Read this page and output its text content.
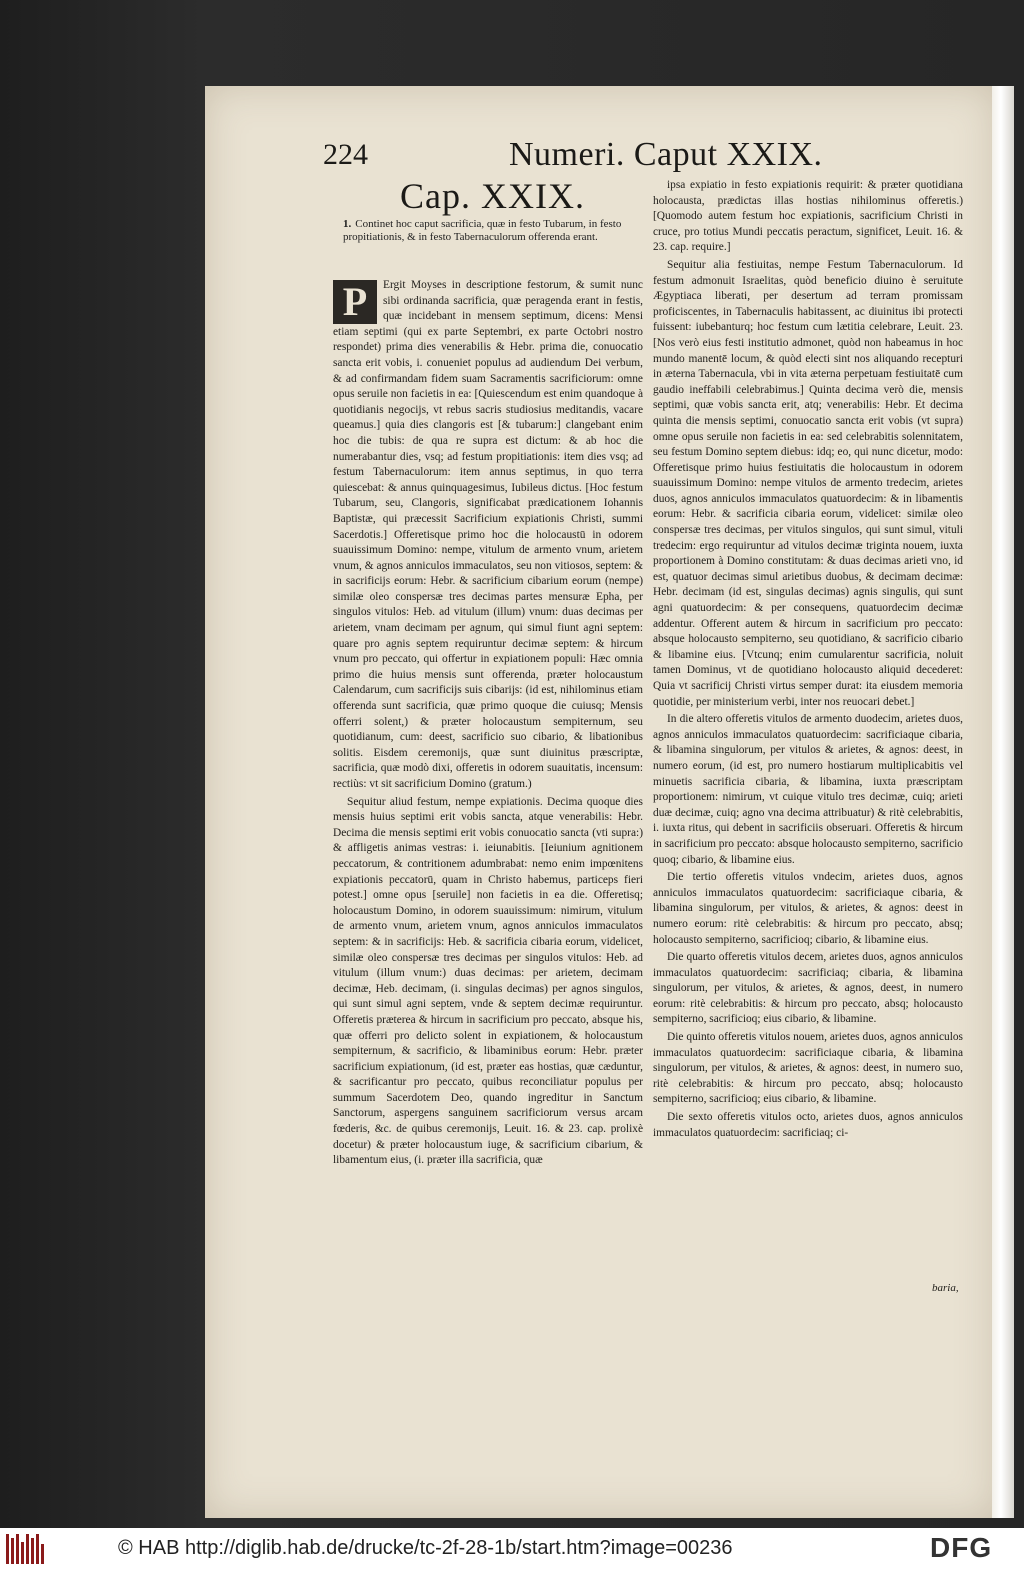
224	Numeri. Caput XXIX.
Cap. XXIX.
1. Continet hoc caput sacrificia, quæ in festo Tubarum, in festo propitiationis, & in festo Tabernaculorum offerenda erant.

P	Ergit Moyses in descriptione festorum, & sumit nunc sibi ordinanda sacrificia, quæ peragenda erant in festis, quæ incidebant in mensem septimum, dicens: Mensi etiam septimi (qui ex parte Septembri, ex parte Octobri nostro respondet) prima dies venerabilis & Hebr. prima die, conuocatio sancta erit vobis, i. conueniet populus ad audiendum Dei verbum, & ad confirmandam fidem suam Sacramentis sacrificiorum: omne opus seruile non facietis in ea: [Quiescendum est enim quandoque à quotidianis negocijs, vt rebus sacris studiosius meditandis, vacare queamus.] quia dies clangoris est [& tubarum:] clangebant enim hoc die tubis: de qua re supra est dictum: & ab hoc die numerabantur dies, vsq; ad festum propitiationis: item dies vsq; ad festum Tabernaculorum: item annus septimus, in quo terra quiescebat: & annus quinquagesimus, Iubileus dictus. [Hoc festum Tubarum, seu, Clangoris, significabat prædicationem Iohannis Baptistæ, qui præcessit Sacrificium expiationis Christi, summi Sacerdotis.] Offeretisque primo hoc die holocaustū in odorem suauissimum Domino: nempe, vitulum de armento vnum, arietem vnum, & agnos anniculos immaculatos, seu non vitiosos, septem: & in sacrificijs eorum: Hebr. & sacrificium cibarium eorum (nempe) similæ oleo conspersæ tres decimas partes mensuræ Epha, per singulos vitulos: Heb. ad vitulum (illum) vnum: duas decimas per arietem, vnam decimam per agnum, qui simul fiunt agni septem: quare pro agnis septem requiruntur decimæ septem: & hircum vnum pro peccato, qui offertur in expiationem populi: Hæc omnia primo die huius mensis sunt offerenda, præter holocaustum Calendarum, cum sacrificijs suis cibarijs: (id est, nihilominus etiam offerenda sunt sacrificia, quæ primo quoque die cuiusq; Mensis offerri solent,) & præter holocaustum sempiternum, seu quotidianum, cum: deest, sacrificio suo cibario, & libationibus solitis. Eisdem ceremonijs, quæ sunt diuinitus præscriptæ, sacrificia, quæ modò dixi, offeretis in odorem suauitatis, incensum: rectiùs: vt sit sacrificium Domino (gratum.)

Sequitur aliud festum, nempe expiationis. Decima quoque dies mensis huius septimi erit vobis sancta, atque venerabilis: Hebr. Decima die mensis septimi erit vobis conuocatio sancta (vti supra:) & affligetis animas vestras: i. ieiunabitis. [Ieiunium agnitionem peccatorum, & contritionem adumbrabat: nemo enim impœnitens expiationis peccatorū, quam in Christo habemus, particeps fieri potest.] omne opus [seruile] non facietis in ea die. Offeretisq; holocaustum Domino, in odorem suauissimum: nimirum, vitulum de armento vnum, arietem vnum, agnos anniculos immaculatos septem: & in sacrificijs: Heb. & sacrificia cibaria eorum, videlicet, similæ oleo conspersæ tres decimas per singulos vitulos: Heb. ad vitulum (illum vnum:) duas decimas: per arietem, decimam decimæ, Heb. decimam, (i. singulas decimas) per agnos singulos, qui sunt simul agni septem, vnde & septem decimæ requiruntur. Offeretis præterea & hircum in sacrificium pro peccato, absque his, quæ offerri pro delicto solent in expiationem, & holocaustum sempiternum, & sacrificio, & libaminibus eorum: Hebr. præter sacrificium expiationum, (id est, præter eas hostias, quæ cæduntur, & sacrificantur pro peccato, quibus reconciliatur populus per summum Sacerdotem Deo, quando ingreditur in Sanctum Sanctorum, aspergens sanguinem sacrificiorum versus arcam fœderis, &c. de quibus ceremonijs, Leuit. 16. & 23. cap. prolixè docetur) & præter holocaustum iuge, & sacrificium cibarium, & libamentum eius, (i. præter illa sacrificia, quæ

ipsa expiatio in festo expiationis requirit: & præter quotidiana holocausta, prædictas illas hostias nihilominus offeretis.) [Quomodo autem festum hoc expiationis, sacrificium Christi in cruce, pro totius Mundi peccatis peractum, significet, Leuit. 16. & 23. cap. require.]

Sequitur alia festiuitas, nempe Festum Tabernaculorum. Id festum admonuit Israelitas, quòd beneficio diuino è seruitute Ægyptiaca liberati, per desertum ad terram promissam proficiscentes, in Tabernaculis habitassent, ac diuinitus ibi protecti fuissent: iubebanturq; hoc festum cum lætitia celebrare, Leuit. 23. [Nos verò eius festi institutio admonet, quòd non habeamus in hoc mundo manentē locum, & quòd electi sint nos aliquando recepturi in æterna Tabernacula, vbi in vita æterna perpetuam festiuitatē cum gaudio ineffabili celebrabimus.] Quinta decima verò die, mensis septimi, quæ vobis sancta erit, atq; venerabilis: Hebr. Et decima quinta die mensis septimi, conuocatio sancta erit vobis (vt supra) omne opus seruile non facietis in ea: sed celebrabitis solennitatem, seu festum Domino septem diebus: idq; eo, qui nunc dicetur, modo: Offeretisque primo huius festiuitatis die holocaustum in odorem suauissimum Domino: nempe vitulos de armento tredecim, arietes duos, agnos anniculos immaculatos quatuordecim: & in libamentis eorum: Hebr. & sacrificia cibaria eorum, videlicet: similæ oleo conspersæ tres decimas, per vitulos singulos, qui sunt simul, vituli tredecim: ergo requiruntur ad vitulos decimæ triginta nouem, iuxta proportionem à Domino constitutam: & duas decimas arieti vno, id est, quatuor decimas simul arietibus duobus, & decimam decimæ: Hebr. decimam (id est, singulas decimas) agnis singulis, qui sunt agni quatuordecim: & per consequens, quatuordecim decimæ addentur. Offerent autem & hircum in sacrificium pro peccato: absque holocausto sempiterno, seu quotidiano, & sacrificio cibario & libamine eius. [Vtcunq; enim cumularentur sacrificia, noluit tamen Dominus, vt de quotidiano holocausto aliquid decederet: Quia vt sacrificij Christi virtus semper durat: ita eiusdem memoria quotidie, per ministerium verbi, inter nos reuocari debet.]

In die altero offeretis vitulos de armento duodecim, arietes duos, agnos anniculos immaculatos quatuordecim: sacrificiaque cibaria, & libamina singulorum, per vitulos & arietes, & agnos: deest, in numero eorum, (id est, pro numero hostiarum multiplicabitis vel minuetis sacrificia cibaria, & libamina, iuxta præscriptam proportionem: nimirum, vt cuique vitulo tres decimæ, cuiq; arieti duæ decimæ, cuiq; agno vna decima attribuatur) & ritè celebrabitis, i. iuxta ritus, qui debent in sacrificiis obseruari. Offeretis & hircum in sacrificium pro peccato: absque holocausto sempiterno, sacrificio quoq; cibario, & libamine eius.

Die tertio offeretis vitulos vndecim, arietes duos, agnos anniculos immaculatos quatuordecim: sacrificiaque cibaria, & libamina singulorum, per vitulos, & arietes, & agnos: deest in numero eorum: ritè celebrabitis: & hircum pro peccato, absq; holocausto sempiterno, sacrificioq; cibario, & libamine eius.

Die quarto offeretis vitulos decem, arietes duos, agnos anniculos immaculatos quatuordecim: sacrificiaq; cibaria, & libamina singulorum, per vitulos, & arietes, & agnos, deest, in numero eorum: ritè celebrabitis: & hircum pro peccato, absq; holocausto sempiterno, sacrificioq; eius cibario, & libamine.

Die quinto offeretis vitulos nouem, arietes duos, agnos anniculos immaculatos quatuordecim: sacrificiaque cibaria, & libamina singulorum, per vitulos, & arietes, & agnos: deest, in numero suo, ritè celebrabitis: & hircum pro peccato, absq; holocausto sempiterno, sacrificioq; eius cibario, & libamine.

Die sexto offeretis vitulos octo, arietes duos, agnos anniculos immaculatos quatuordecim: sacrificiaq; ci-

baria,
© HAB http://diglib.hab.de/drucke/tc-2f-28-1b/start.htm?image=00236	DFG
